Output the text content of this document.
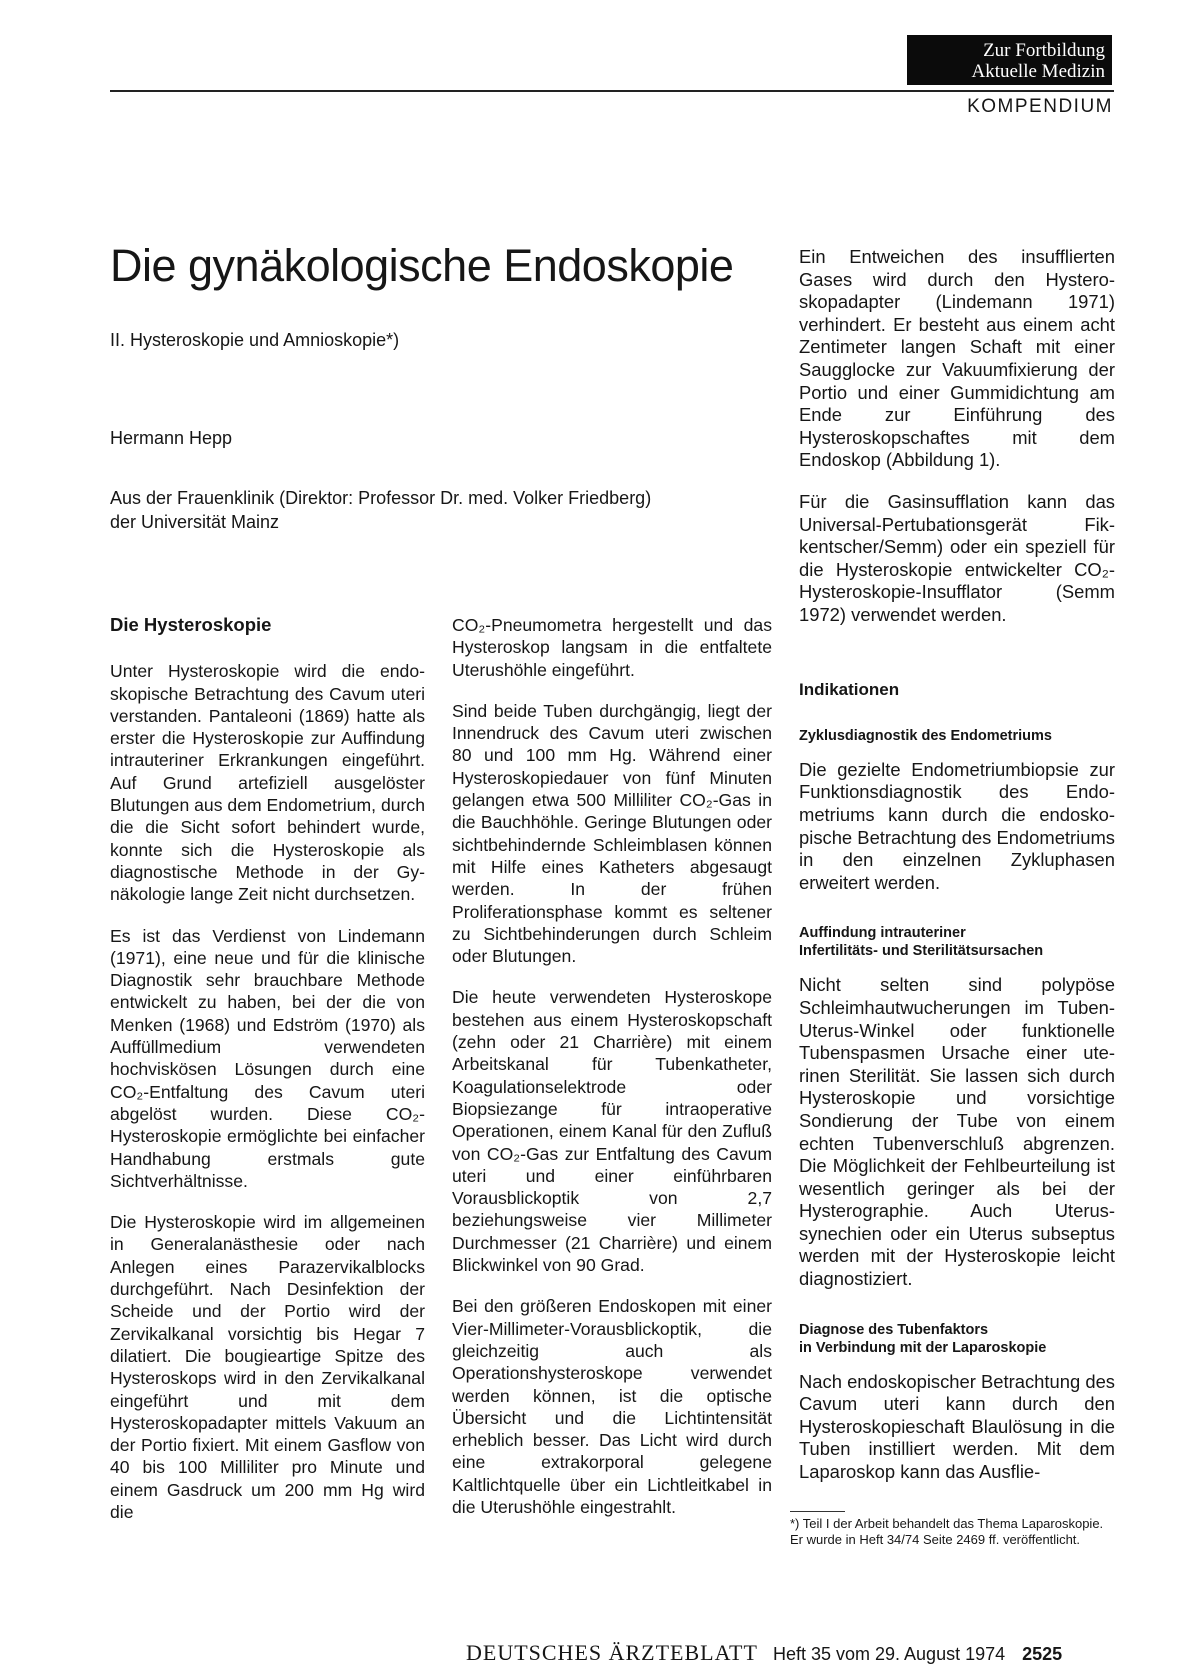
Zur Fortbildung
Aktuelle Medizin
KOMPENDIUM
Die gynäkologische Endoskopie
II. Hysteroskopie und Amnioskopie*)
Hermann Hepp
Aus der Frauenklinik (Direktor: Professor Dr. med. Volker Friedberg)
der Universität Mainz
Die Hysteroskopie

Unter Hysteroskopie wird die endoskopische Betrachtung des Cavum uteri verstanden. Pantaleoni (1869) hatte als erster die Hysteroskopie zur Auffindung intrauteriner Erkrankungen eingeführt. Auf Grund artefiziell ausgelöster Blutungen aus dem Endometrium, durch die die Sicht sofort behindert wurde, konnte sich die Hysteroskopie als diagnostische Methode in der Gynäkologie lange Zeit nicht durchsetzen.

Es ist das Verdienst von Lindemann (1971), eine neue und für die klinische Diagnostik sehr brauchbare Methode entwickelt zu haben, bei der die von Menken (1968) und Edström (1970) als Auffüllmedium verwendeten hochviskösen Lösungen durch eine CO₂-Entfaltung des Cavum uteri abgelöst wurden. Diese CO₂-Hysteroskopie ermöglichte bei einfacher Handhabung erstmals gute Sichtverhältnisse.

Die Hysteroskopie wird im allgemeinen in Generalanästhesie oder nach Anlegen eines Parazervikalblocks durchgeführt. Nach Desinfektion der Scheide und der Portio wird der Zervikalkanal vorsichtig bis Hegar 7 dilatiert. Die bougieartige Spitze des Hysteroskops wird in den Zervikalkanal eingeführt und mit dem Hysteroskopadapter mittels Vakuum an der Portio fixiert. Mit einem Gasflow von 40 bis 100 Milliliter pro Minute und einem Gasdruck um 200 mm Hg wird die

CO₂-Pneumometra hergestellt und das Hysteroskop langsam in die entfaltete Uterushöhle eingeführt.

Sind beide Tuben durchgängig, liegt der Innendruck des Cavum uteri zwischen 80 und 100 mm Hg. Während einer Hysteroskopiedauer von fünf Minuten gelangen etwa 500 Milliliter CO₂-Gas in die Bauchhöhle. Geringe Blutungen oder sichtbehindernde Schleimblasen können mit Hilfe eines Katheters abgesaugt werden. In der frühen Proliferationsphase kommt es seltener zu Sichtbehinderungen durch Schleim oder Blutungen.

Die heute verwendeten Hysteroskope bestehen aus einem Hysteroskopschaft (zehn oder 21 Charrière) mit einem Arbeitskanal für Tubenkatheter, Koagulationselektrode oder Biopsiezange für intraoperative Operationen, einem Kanal für den Zufluß von CO₂-Gas zur Entfaltung des Cavum uteri und einer einführbaren Vorausblickoptik von 2,7 beziehungsweise vier Millimeter Durchmesser (21 Charrière) und einem Blickwinkel von 90 Grad.

Bei den größeren Endoskopen mit einer Vier-Millimeter-Vorausblickoptik, die gleichzeitig auch als Operationshysteroskope verwendet werden können, ist die optische Übersicht und die Lichtintensität erheblich besser. Das Licht wird durch eine extrakorporal gelegene Kaltlichtquelle über ein Lichtleitkabel in die Uterushöhle eingestrahlt.

Ein Entweichen des insufflierten Gases wird durch den Hysteroskopadapter (Lindemann 1971) verhindert. Er besteht aus einem acht Zentimeter langen Schaft mit einer Saugglocke zur Vakuumfixierung der Portio und einer Gummidichtung am Ende zur Einführung des Hysteroskopschaftes mit dem Endoskop (Abbildung 1).

Für die Gasinsufflation kann das Universal-Pertubationsgerät Fikkentscher/Semm) oder ein speziell für die Hysteroskopie entwickelter CO₂-Hysteroskopie-Insufflator (Semm 1972) verwendet werden.

Indikationen
Zyklusdiagnostik des Endometriums

Die gezielte Endometriumbiopsie zur Funktionsdiagnostik des Endometriums kann durch die endoskopische Betrachtung des Endometriums in den einzelnen Zykluphasen erweitert werden.

Auffindung intrauteriner
Infertilitäts- und Sterilitätsursachen

Nicht selten sind polypöse Schleimhautwucherungen im Tuben-Uterus-Winkel oder funktionelle Tubenspasmen Ursache einer uterinen Sterilität. Sie lassen sich durch Hysteroskopie und vorsichtige Sondierung der Tube von einem echten Tubenverschluß abgrenzen. Die Möglichkeit der Fehlbeurteilung ist wesentlich geringer als bei der Hysterographie. Auch Uterussynechien oder ein Uterus subseptus werden mit der Hysteroskopie leicht diagnostiziert.

Diagnose des Tubenfaktors
in Verbindung mit der Laparoskopie

Nach endoskopischer Betrachtung des Cavum uteri kann durch den Hysteroskopieschaft Blaulösung in die Tuben instilliert werden. Mit dem Laparoskop kann das Ausflie-

*) Teil I der Arbeit behandelt das Thema Laparoskopie. Er wurde in Heft 34/74 Seite 2469 ff. veröffentlicht.
DEUTSCHES ÄRZTEBLATT Heft 35 vom 29. August 1974 2525
